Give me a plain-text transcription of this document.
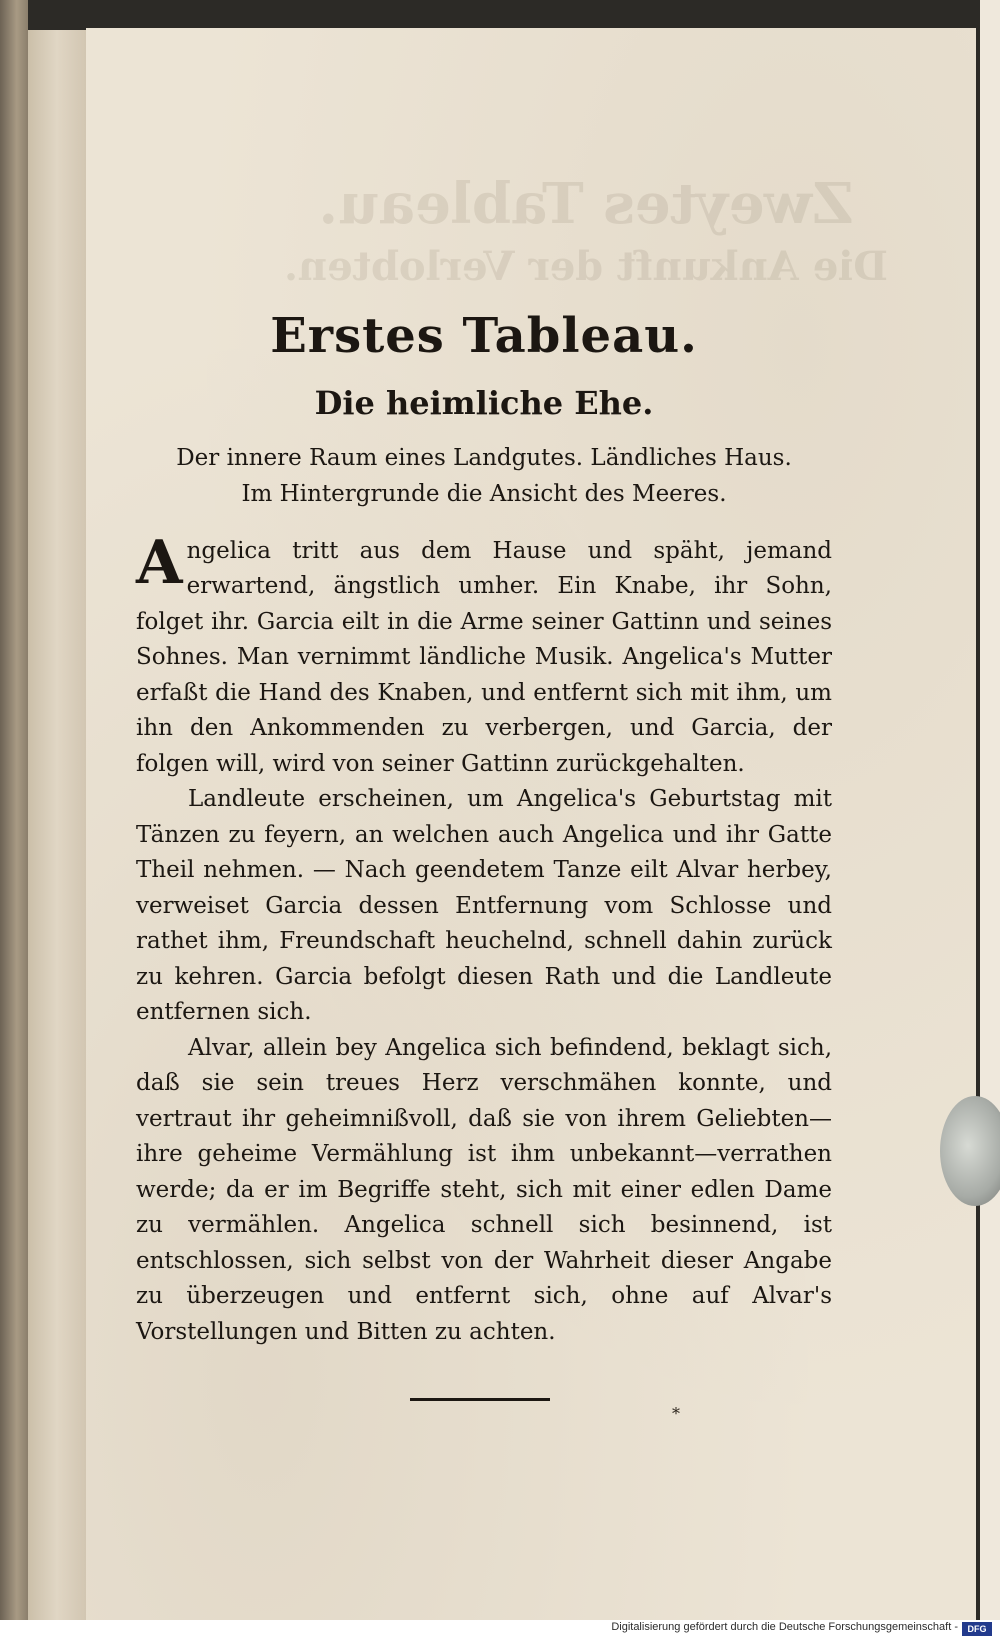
Zweytes Tableau.
Die Ankunft der Verlobten.
Erstes Tableau.
Die heimliche Ehe.
Der innere Raum eines Landgutes. Ländliches Haus.
Im Hintergrunde die Ansicht des Meeres.

Angelica tritt aus dem Hause und späht, jemand erwartend, ängstlich umher. Ein Knabe, ihr Sohn, folget ihr. Garcia eilt in die Arme seiner Gattinn und seines Sohnes. Man vernimmt ländliche Musik. Angelica's Mutter erfaßt die Hand des Knaben, und entfernt sich mit ihm, um ihn den Ankommenden zu verbergen, und Garcia, der folgen will, wird von seiner Gattinn zurückgehalten.

Landleute erscheinen, um Angelica's Geburtstag mit Tänzen zu feyern, an welchen auch Angelica und ihr Gatte Theil nehmen. — Nach geendetem Tanze eilt Alvar herbey, verweiset Garcia dessen Entfernung vom Schlosse und rathet ihm, Freundschaft heuchelnd, schnell dahin zurück zu kehren. Garcia befolgt diesen Rath und die Landleute entfernen sich.

Alvar, allein bey Angelica sich befindend, beklagt sich, daß sie sein treues Herz verschmähen konnte, und vertraut ihr geheimnißvoll, daß sie von ihrem Geliebten—ihre geheime Vermählung ist ihm unbekannt—verrathen werde; da er im Begriffe steht, sich mit einer edlen Dame zu vermählen. Angelica schnell sich besinnend, ist entschlossen, sich selbst von der Wahrheit dieser Angabe zu überzeugen und entfernt sich, ohne auf Alvar's Vorstellungen und Bitten zu achten.

*
Digitalisierung gefördert durch die Deutsche Forschungsgemeinschaft -	DFG
